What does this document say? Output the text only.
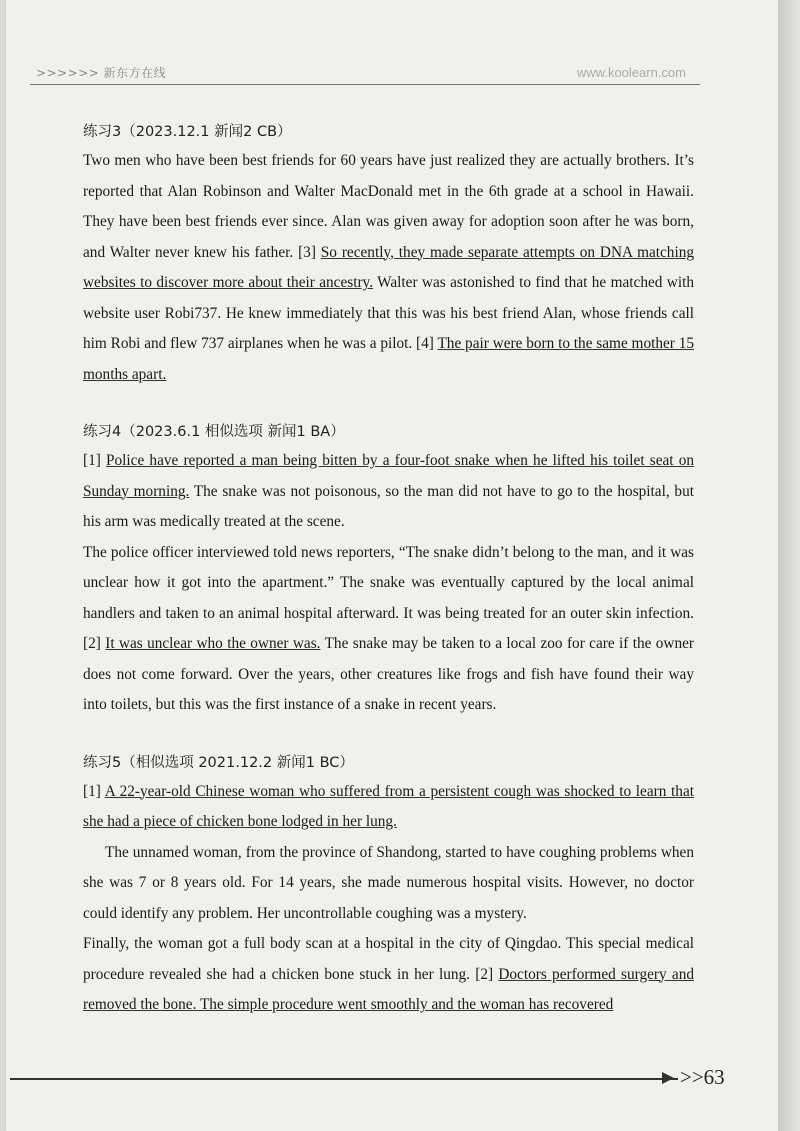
>>>>>> 新东方在线	www.koolearn.com
练习3（2023.12.1 新闻2 CB）

Two men who have been best friends for 60 years have just realized they are actually brothers. It’s reported that Alan Robinson and Walter MacDonald met in the 6th grade at a school in Hawaii. They have been best friends ever since. Alan was given away for adoption soon after he was born, and Walter never knew his father. [3] So recently, they made separate attempts on DNA matching websites to discover more about their ancestry. Walter was astonished to find that he matched with website user Robi737. He knew immediately that this was his best friend Alan, whose friends call him Robi and flew 737 airplanes when he was a pilot. [4] The pair were born to the same mother 15 months apart.

练习4（2023.6.1 相似选项 新闻1 BA）

[1] Police have reported a man being bitten by a four-foot snake when he lifted his toilet seat on Sunday morning. The snake was not poisonous, so the man did not have to go to the hospital, but his arm was medically treated at the scene.

The police officer interviewed told news reporters, “The snake didn’t belong to the man, and it was unclear how it got into the apartment.” The snake was eventually captured by the local animal handlers and taken to an animal hospital afterward. It was being treated for an outer skin infection. [2] It was unclear who the owner was. The snake may be taken to a local zoo for care if the owner does not come forward. Over the years, other creatures like frogs and fish have found their way into toilets, but this was the first instance of a snake in recent years.

练习5（相似选项 2021.12.2 新闻1 BC）

[1] A 22-year-old Chinese woman who suffered from a persistent cough was shocked to learn that she had a piece of chicken bone lodged in her lung.

The unnamed woman, from the province of Shandong, started to have coughing problems when she was 7 or 8 years old. For 14 years, she made numerous hospital visits. However, no doctor could identify any problem. Her uncontrollable coughing was a mystery.

Finally, the woman got a full body scan at a hospital in the city of Qingdao. This special medical procedure revealed she had a chicken bone stuck in her lung. [2] Doctors performed surgery and removed the bone. The simple procedure went smoothly and the woman has recovered

>>63
